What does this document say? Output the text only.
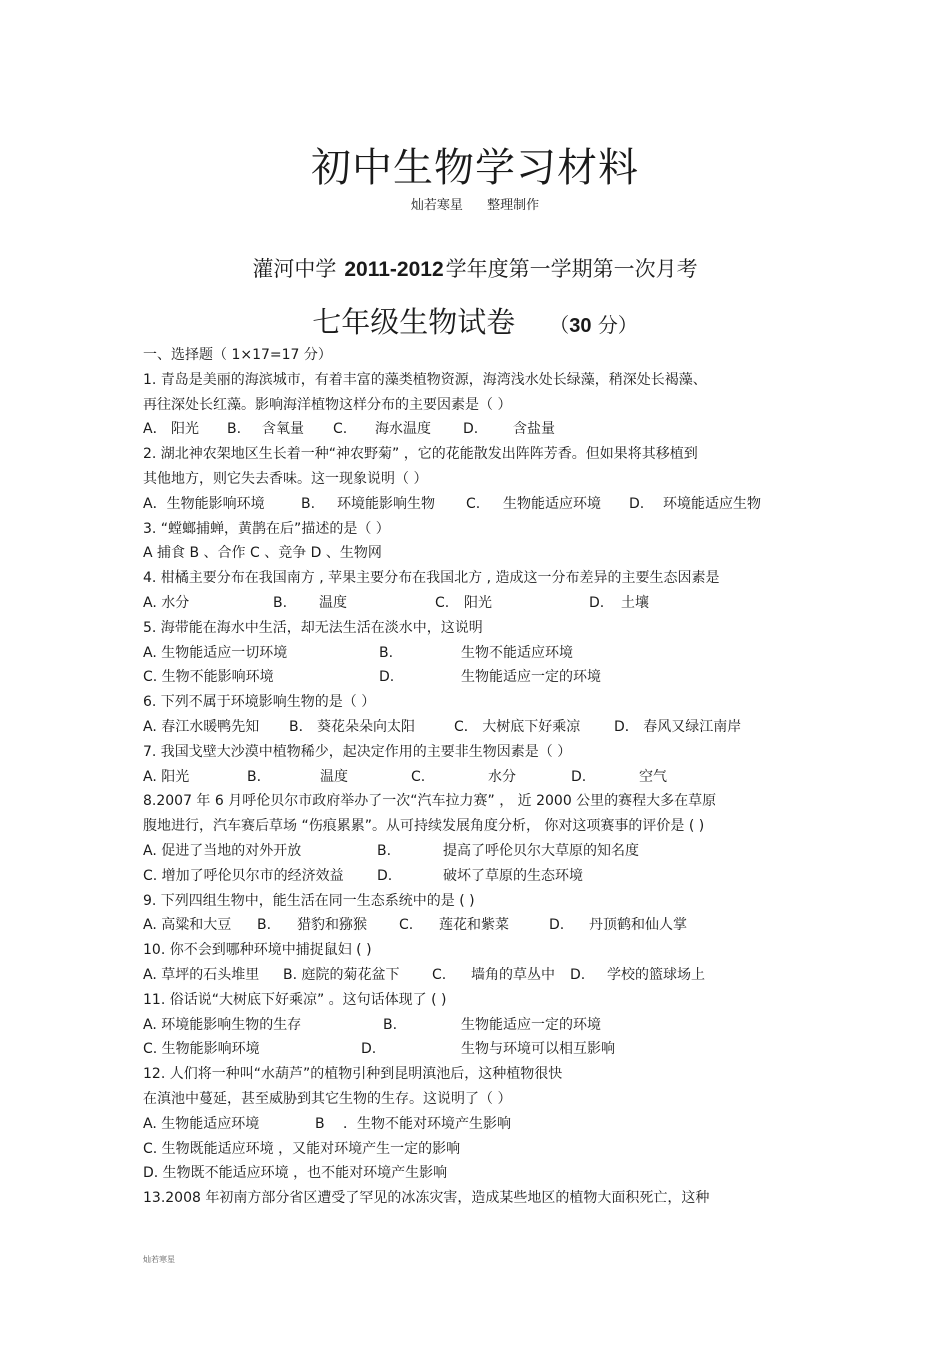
初中生物学习材料
灿若寒星 整理制作
灌河中学 2011-2012学年度第一学期第一次月考
七年级生物试卷 （30 分）
一、选择题（ 1×17=17 分）
1. 青岛是美丽的海滨城市，有着丰富的藻类植物资源，海湾浅水处长绿藻，稍深处长褐藻、
再往深处长红藻。影响海洋植物这样分布的主要因素是（ ）
A． 阳光 B. 含氧量 C. 海水温度 D. 含盐量
2. 湖北神农架地区生长着一种“神农野菊” ，它的花能散发出阵阵芳香。但如果将其移植到
其他地方，则它失去香味。这一现象说明（ ）
A．生物能影响环境	B. 环境能影响生物 C. 生物能适应环境 D. 环境能适应生物
3. “螳螂捕蝉，黄鹊在后”描述的是（ ）
A 捕食 B 、合作 C 、竞争 D 、生物网
4. 柑橘主要分布在我国南方 , 苹果主要分布在我国北方 , 造成这一分布差异的主要生态因素是
A. 水分	B. 温度	C. 阳光	D. 土壤
5. 海带能在海水中生活，却无法生活在淡水中，这说明
A. 生物能适应一切环境	B.	生物不能适应环境
C. 生物不能影响环境	D.	生物能适应一定的环境
6. 下列不属于环境影响生物的是（ ）
A. 春江水暖鸭先知 B． 葵花朵朵向太阳	C． 大树底下好乘凉 D． 春风又绿江南岸
7. 我国戈壁大沙漠中植物稀少，起决定作用的主要非生物因素是（ ）
A. 阳光	B.	温度	C.	水分	D.	空气
8.2007 年 6 月呼伦贝尔市政府举办了一次“汽车拉力赛” ， 近 2000 公里的赛程大多在草原
腹地进行，汽车赛后草场 “伤痕累累”。从可持续发展角度分析， 你对这项赛事的评价是 ( )
A. 促进了当地的对外开放	B.	提高了呼伦贝尔大草原的知名度
C. 增加了呼伦贝尔市的经济效益 D.	破坏了草原的生态环境
9. 下列四组生物中，能生活在同一生态系统中的是 ( )
A. 高粱和大豆 B. 猎豹和猕猴 C. 莲花和紫菜	D. 丹顶鹤和仙人掌
10. 你不会到哪种环境中捕捉鼠妇 ( )
A. 草坪的石头堆里 B. 庭院的菊花盆下 C. 墙角的草丛中 D. 学校的篮球场上
11. 俗话说“大树底下好乘凉” 。这句话体现了 ( )
A. 环境能影响生物的生存	B.	生物能适应一定的环境
C. 生物能影响环境	D.	生物与环境可以相互影响
12. 人们将一种叫“水葫芦”的植物引种到昆明滇池后，这种植物很快
在滇池中蔓延，甚至威胁到其它生物的生存。这说明了（ ）
A. 生物能适应环境	B ．生物不能对环境产生影响
C. 生物既能适应环境 ，又能对环境产生一定的影响
D. 生物既不能适应环境 ，也不能对环境产生影响
13.2008 年初南方部分省区遭受了罕见的冰冻灾害，造成某些地区的植物大面积死亡，这种
灿若寒星
